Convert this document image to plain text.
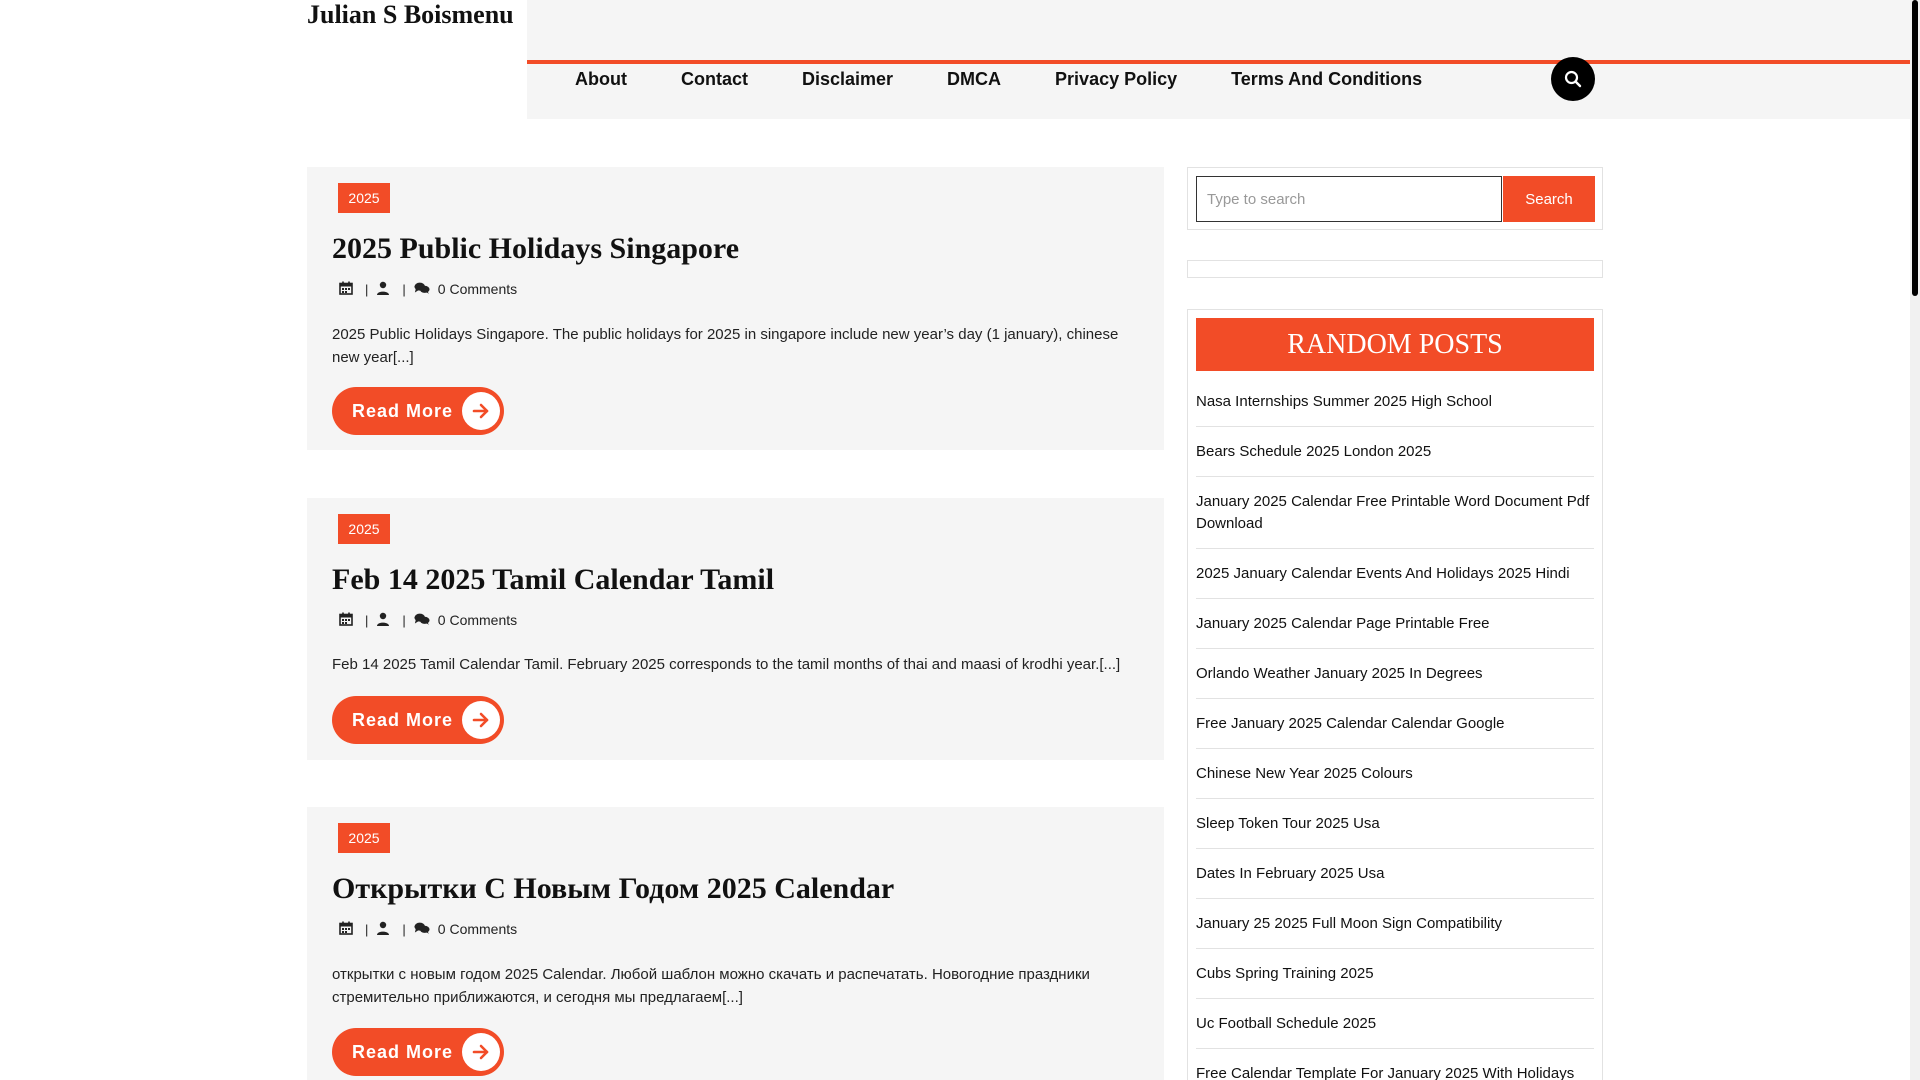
Julian S Boismenu
About	Contact	Disclaimer	DMCA	Privacy Policy	Terms And Conditions
2025
2025 Public Holidays Singapore
|	| 0 Comments

2025 Public Holidays Singapore. The public holidays for 2025 in singapore include new year’s day (1 january), chinese new year[...]

Read More
2025
Feb 14 2025 Tamil Calendar Tamil
|	| 0 Comments

Feb 14 2025 Tamil Calendar Tamil. February 2025 corresponds to the tamil months of thai and maasi of krodhi year.[...]

Read More
2025
Открытки С Новым Годом 2025 Calendar
|	| 0 Comments

открытки с новым годом 2025 Calendar. Любой шаблон можно скачать и распечатать. Новогодние праздники стремительно приближаются, и сегодня мы предлагаем[...]

Read More
Type to search
Search
RANDOM POSTS
Nasa Internships Summer 2025 High School
Bears Schedule 2025 London 2025
January 2025 Calendar Free Printable Word Document Pdf Download
2025 January Calendar Events And Holidays 2025 Hindi
January 2025 Calendar Page Printable Free
Orlando Weather January 2025 In Degrees
Free January 2025 Calendar Calendar Google
Chinese New Year 2025 Colours
Sleep Token Tour 2025 Usa
Dates In February 2025 Usa
January 25 2025 Full Moon Sign Compatibility
Cubs Spring Training 2025
Uc Football Schedule 2025
Free Calendar Template For January 2025 With Holidays
